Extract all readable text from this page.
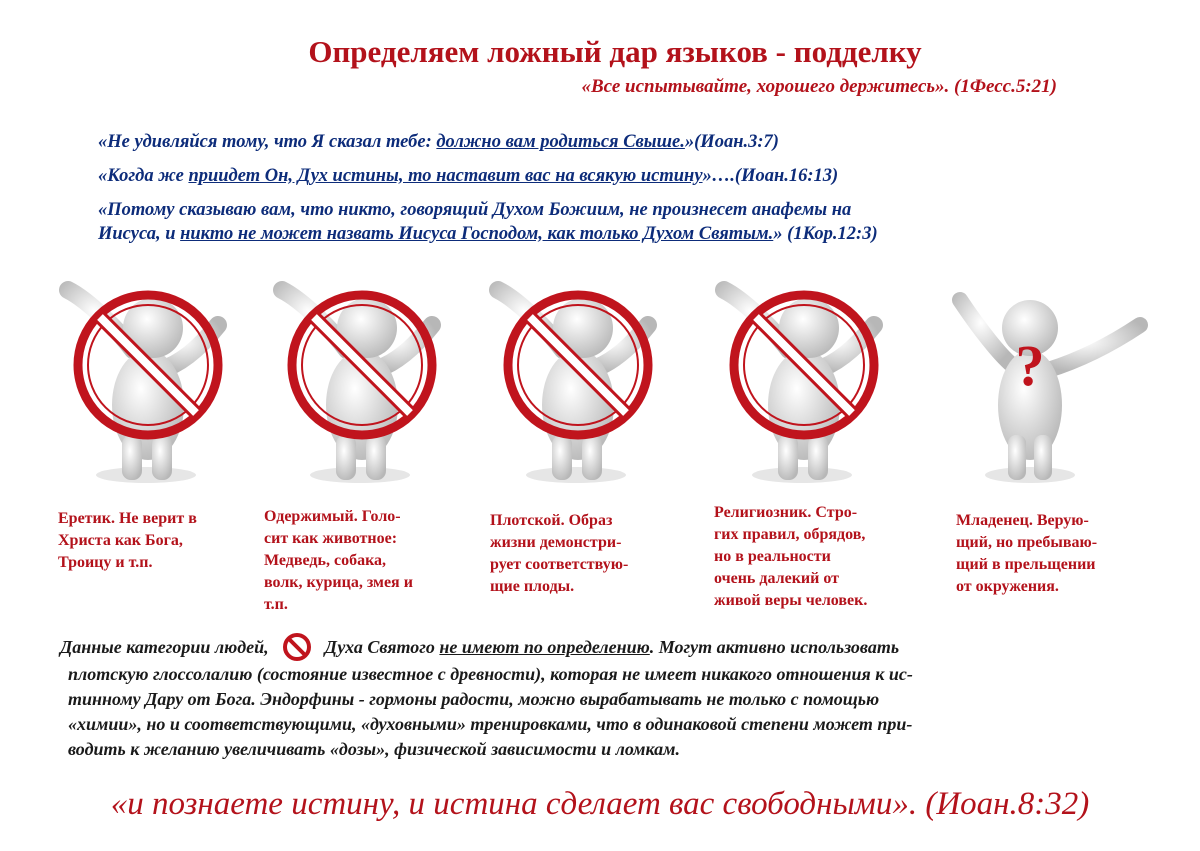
Определяем ложный дар языков - подделку
«Все испытывайте, хорошего держитесь». (1Фесс.5:21)

«Не удивляйся тому, что Я сказал тебе: должно вам родиться Свыше.»(Иоан.3:7)

«Когда же приидет Он, Дух истины, то наставит вас на всякую истину»….(Иоан.16:13)

«Потому сказываю вам, что никто, говорящий Духом Божиим, не произнесет анафемы на
Иисуса, и никто не может назвать Иисуса Господом, как только Духом Святым.» (1Кор.12:3)

?
Еретик. Не верит в
Христа как Бога,
Троицу и т.п.
Одержимый. Голо-
сит как животное:
Медведь, собака,
волк, курица, змея и
т.п.
Плотской. Образ
жизни демонстри-
рует соответствую-
щие плоды.
Религиозник. Стро-
гих правил, обрядов,
но в реальности
очень далекий от
живой веры человек.
Младенец. Верую-
щий, но пребываю-
щий в прельщении
от окружения.
Данные категории людей,	Духа Святого не имеют по определению. Могут активно использовать
плотскую глоссолалию (состояние известное с древности), которая не имеет никакого отношения к ис-
тинному Дару от Бога. Эндорфины - гормоны радости, можно вырабатывать не только с помощью
«химии», но и соответствующими, «духовными» тренировками, что в одинаковой степени может при-
водить к желанию увеличивать «дозы», физической зависимости и ломкам.
«и познаете истину, и истина сделает вас свободными». (Иоан.8:32)
